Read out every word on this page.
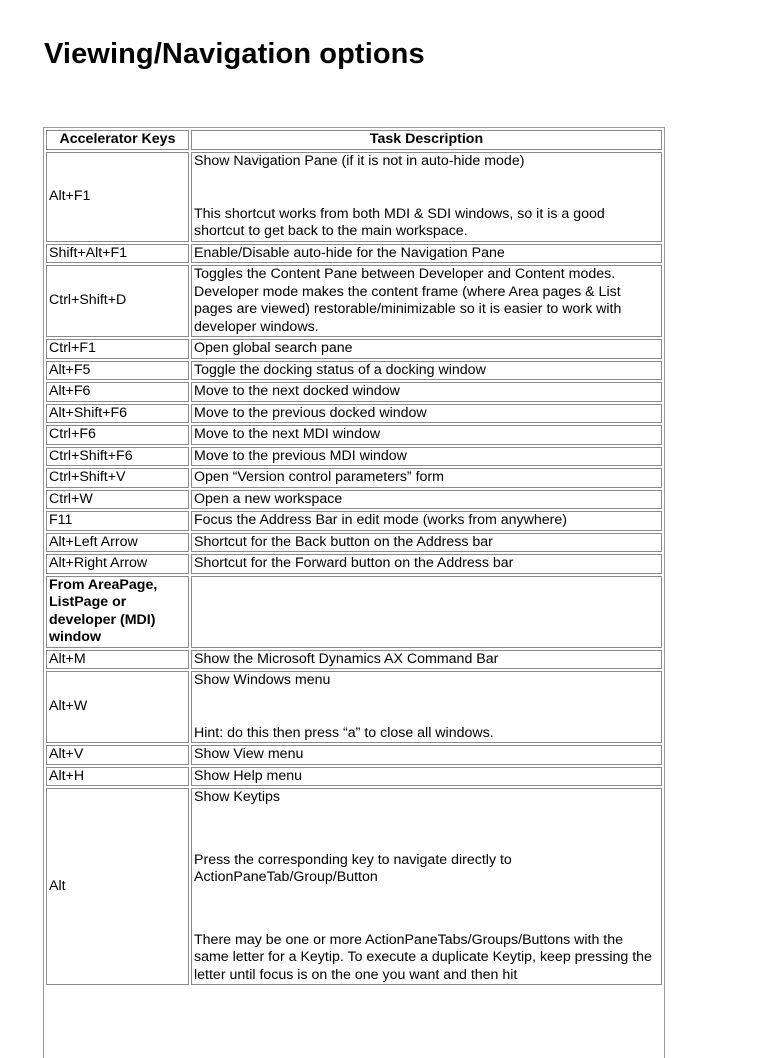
Viewing/Navigation options
Accelerator Keys	Task Description
Alt+F1	Show Navigation Pane (if it is not in auto-hide mode)
This shortcut works from both MDI & SDI windows, so it is a good shortcut to get back to the main workspace.

Shift+Alt+F1	Enable/Disable auto-hide for the Navigation Pane
Ctrl+Shift+D	Toggles the Content Pane between Developer and Content modes. Developer mode makes the content frame (where Area pages & List pages are viewed) restorable/minimizable so it is easier to work with developer windows.
Ctrl+F1	Open global search pane
Alt+F5	Toggle the docking status of a docking window
Alt+F6	Move to the next docked window
Alt+Shift+F6	Move to the previous docked window
Ctrl+F6	Move to the next MDI window
Ctrl+Shift+F6	Move to the previous MDI window
Ctrl+Shift+V	Open “Version control parameters” form
Ctrl+W	Open a new workspace
F11	Focus the Address Bar in edit mode (works from anywhere)
Alt+Left Arrow	Shortcut for the Back button on the Address bar
Alt+Right Arrow	Shortcut for the Forward button on the Address bar
From AreaPage, ListPage or developer (MDI) window	
Alt+M	Show the Microsoft Dynamics AX Command Bar
Alt+W	Show Windows menu
Hint: do this then press “a” to close all windows.

Alt+V	Show View menu
Alt+H	Show Help menu
Alt	Show Keytips
Press the corresponding key to navigate directly to ActionPaneTab/Group/Button
There may be one or more ActionPaneTabs/Groups/Buttons with the same letter for a Keytip. To execute a duplicate Keytip, keep pressing the letter until focus is on the one you want and then hit
